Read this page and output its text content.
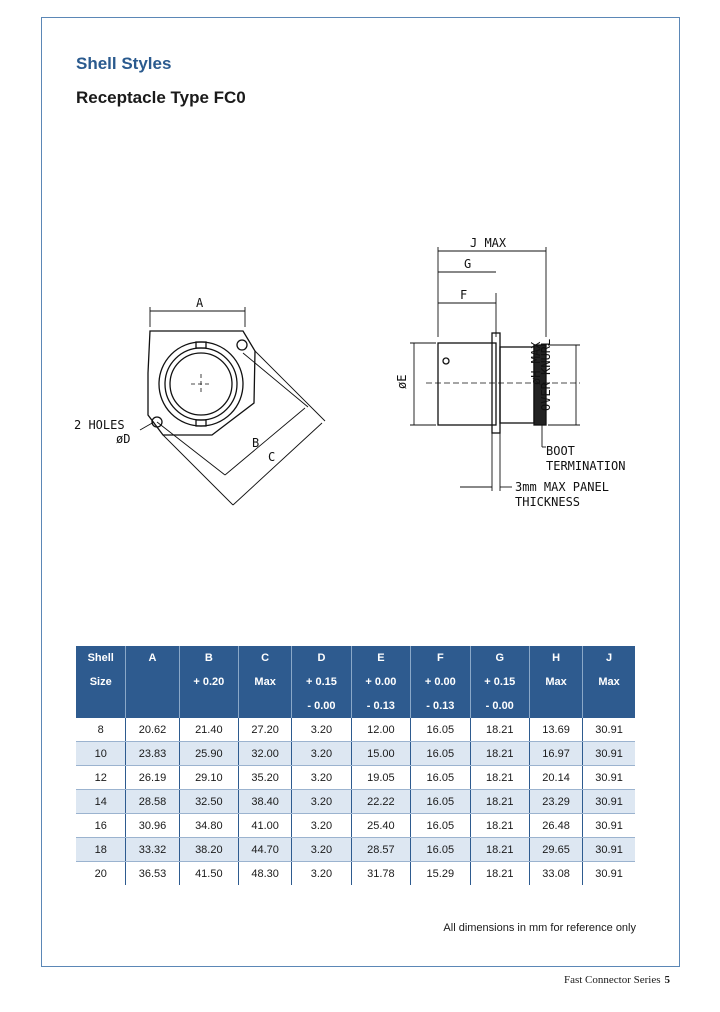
Shell Styles
Receptacle Type FC0
A
B
C
2 HOLES
øD
J MAX
G
F
øE	øH MAX
OVER KNURL
BOOT
TERMINATION
3mm MAX PANEL
THICKNESS
Shell	A	B	C	D	E	F	G	H	J
Size		+ 0.20	Max	+ 0.15	+ 0.00	+ 0.00	+ 0.15	Max	Max
				- 0.00	- 0.13	- 0.13	- 0.00		
8	20.62	21.40	27.20	3.20	12.00	16.05	18.21	13.69	30.91
10	23.83	25.90	32.00	3.20	15.00	16.05	18.21	16.97	30.91
12	26.19	29.10	35.20	3.20	19.05	16.05	18.21	20.14	30.91
14	28.58	32.50	38.40	3.20	22.22	16.05	18.21	23.29	30.91
16	30.96	34.80	41.00	3.20	25.40	16.05	18.21	26.48	30.91
18	33.32	38.20	44.70	3.20	28.57	16.05	18.21	29.65	30.91
20	36.53	41.50	48.30	3.20	31.78	15.29	18.21	33.08	30.91
All dimensions in mm for reference only
Fast Connector Series 5
